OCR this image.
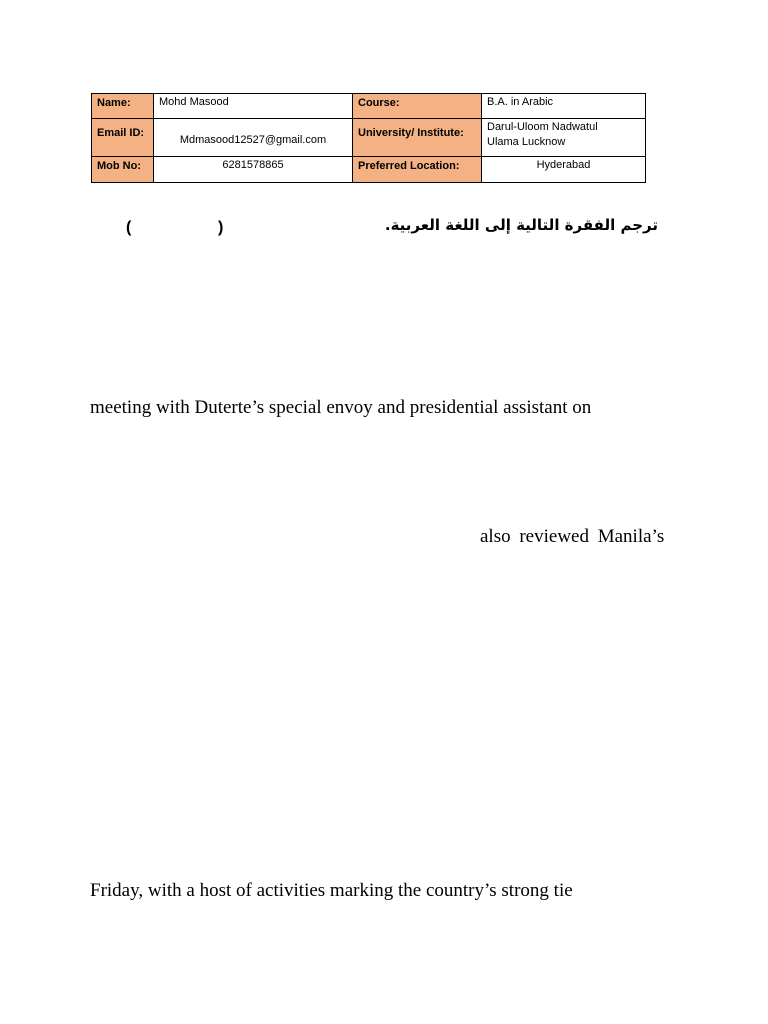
Name:	Mohd Masood	Course:	B.A. in Arabic
Email ID:	Mdmasood12527@gmail.com	University/ Institute:	Darul-Uloom Nadwatul
Ulama Lucknow

Mob No:	6281578865	Preferred Location:	Hyderabad
ترجم الفقرة التالية إلى اللغة العربية.
(	)
meeting with Duterte’s special envoy and presidential assistant on
also reviewed Manila’s
Friday, with a host of activities marking the country’s strong tie
